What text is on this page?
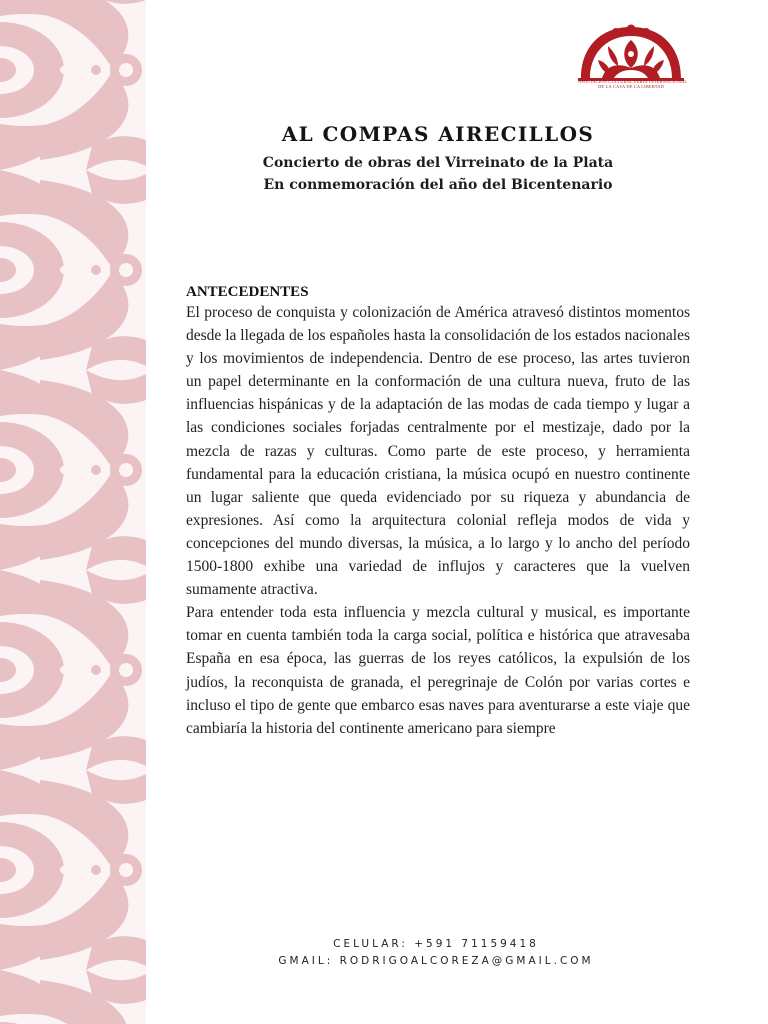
ASOCIACIÓN CULTURAL FERIA INTERNACIONAL
DE LA CASA DE LA LIBERTAD
AL COMPAS AIRECILLOS
Concierto de obras del Virreinato de la Plata
En conmemoración del año del Bicentenario
ANTECEDENTES

El proceso de conquista y colonización de América atravesó distintos momentos desde la llegada de los españoles hasta la consolidación de los estados nacionales y los movimientos de independencia. Dentro de ese proceso, las artes tuvieron un papel determinante en la conformación de una cultura nueva, fruto de las influencias hispánicas y de la adaptación de las modas de cada tiempo y lugar a las condiciones sociales forjadas centralmente por el mestizaje, dado por la mezcla de razas y culturas. Como parte de este proceso, y herramienta fundamental para la educación cristiana, la música ocupó en nuestro continente un lugar saliente que queda evidenciado por su riqueza y abundancia de expresiones. Así como la arquitectura colonial refleja modos de vida y concepciones del mundo diversas, la música, a lo largo y lo ancho del período 1500-1800 exhibe una variedad de influjos y caracteres que la vuelven sumamente atractiva.

Para entender toda esta influencia y mezcla cultural y musical, es importante tomar en cuenta también toda la carga social, política e histórica que atravesaba España en esa época, las guerras de los reyes católicos, la expulsión de los judíos, la reconquista de granada, el peregrinaje de Colón por varias cortes e incluso el tipo de gente que embarco esas naves para aventurarse a este viaje que cambiaría la historia del continente americano para siempre

CELULAR: +591 71159418
GMAIL: RODRIGOALCOREZA@GMAIL.COM
